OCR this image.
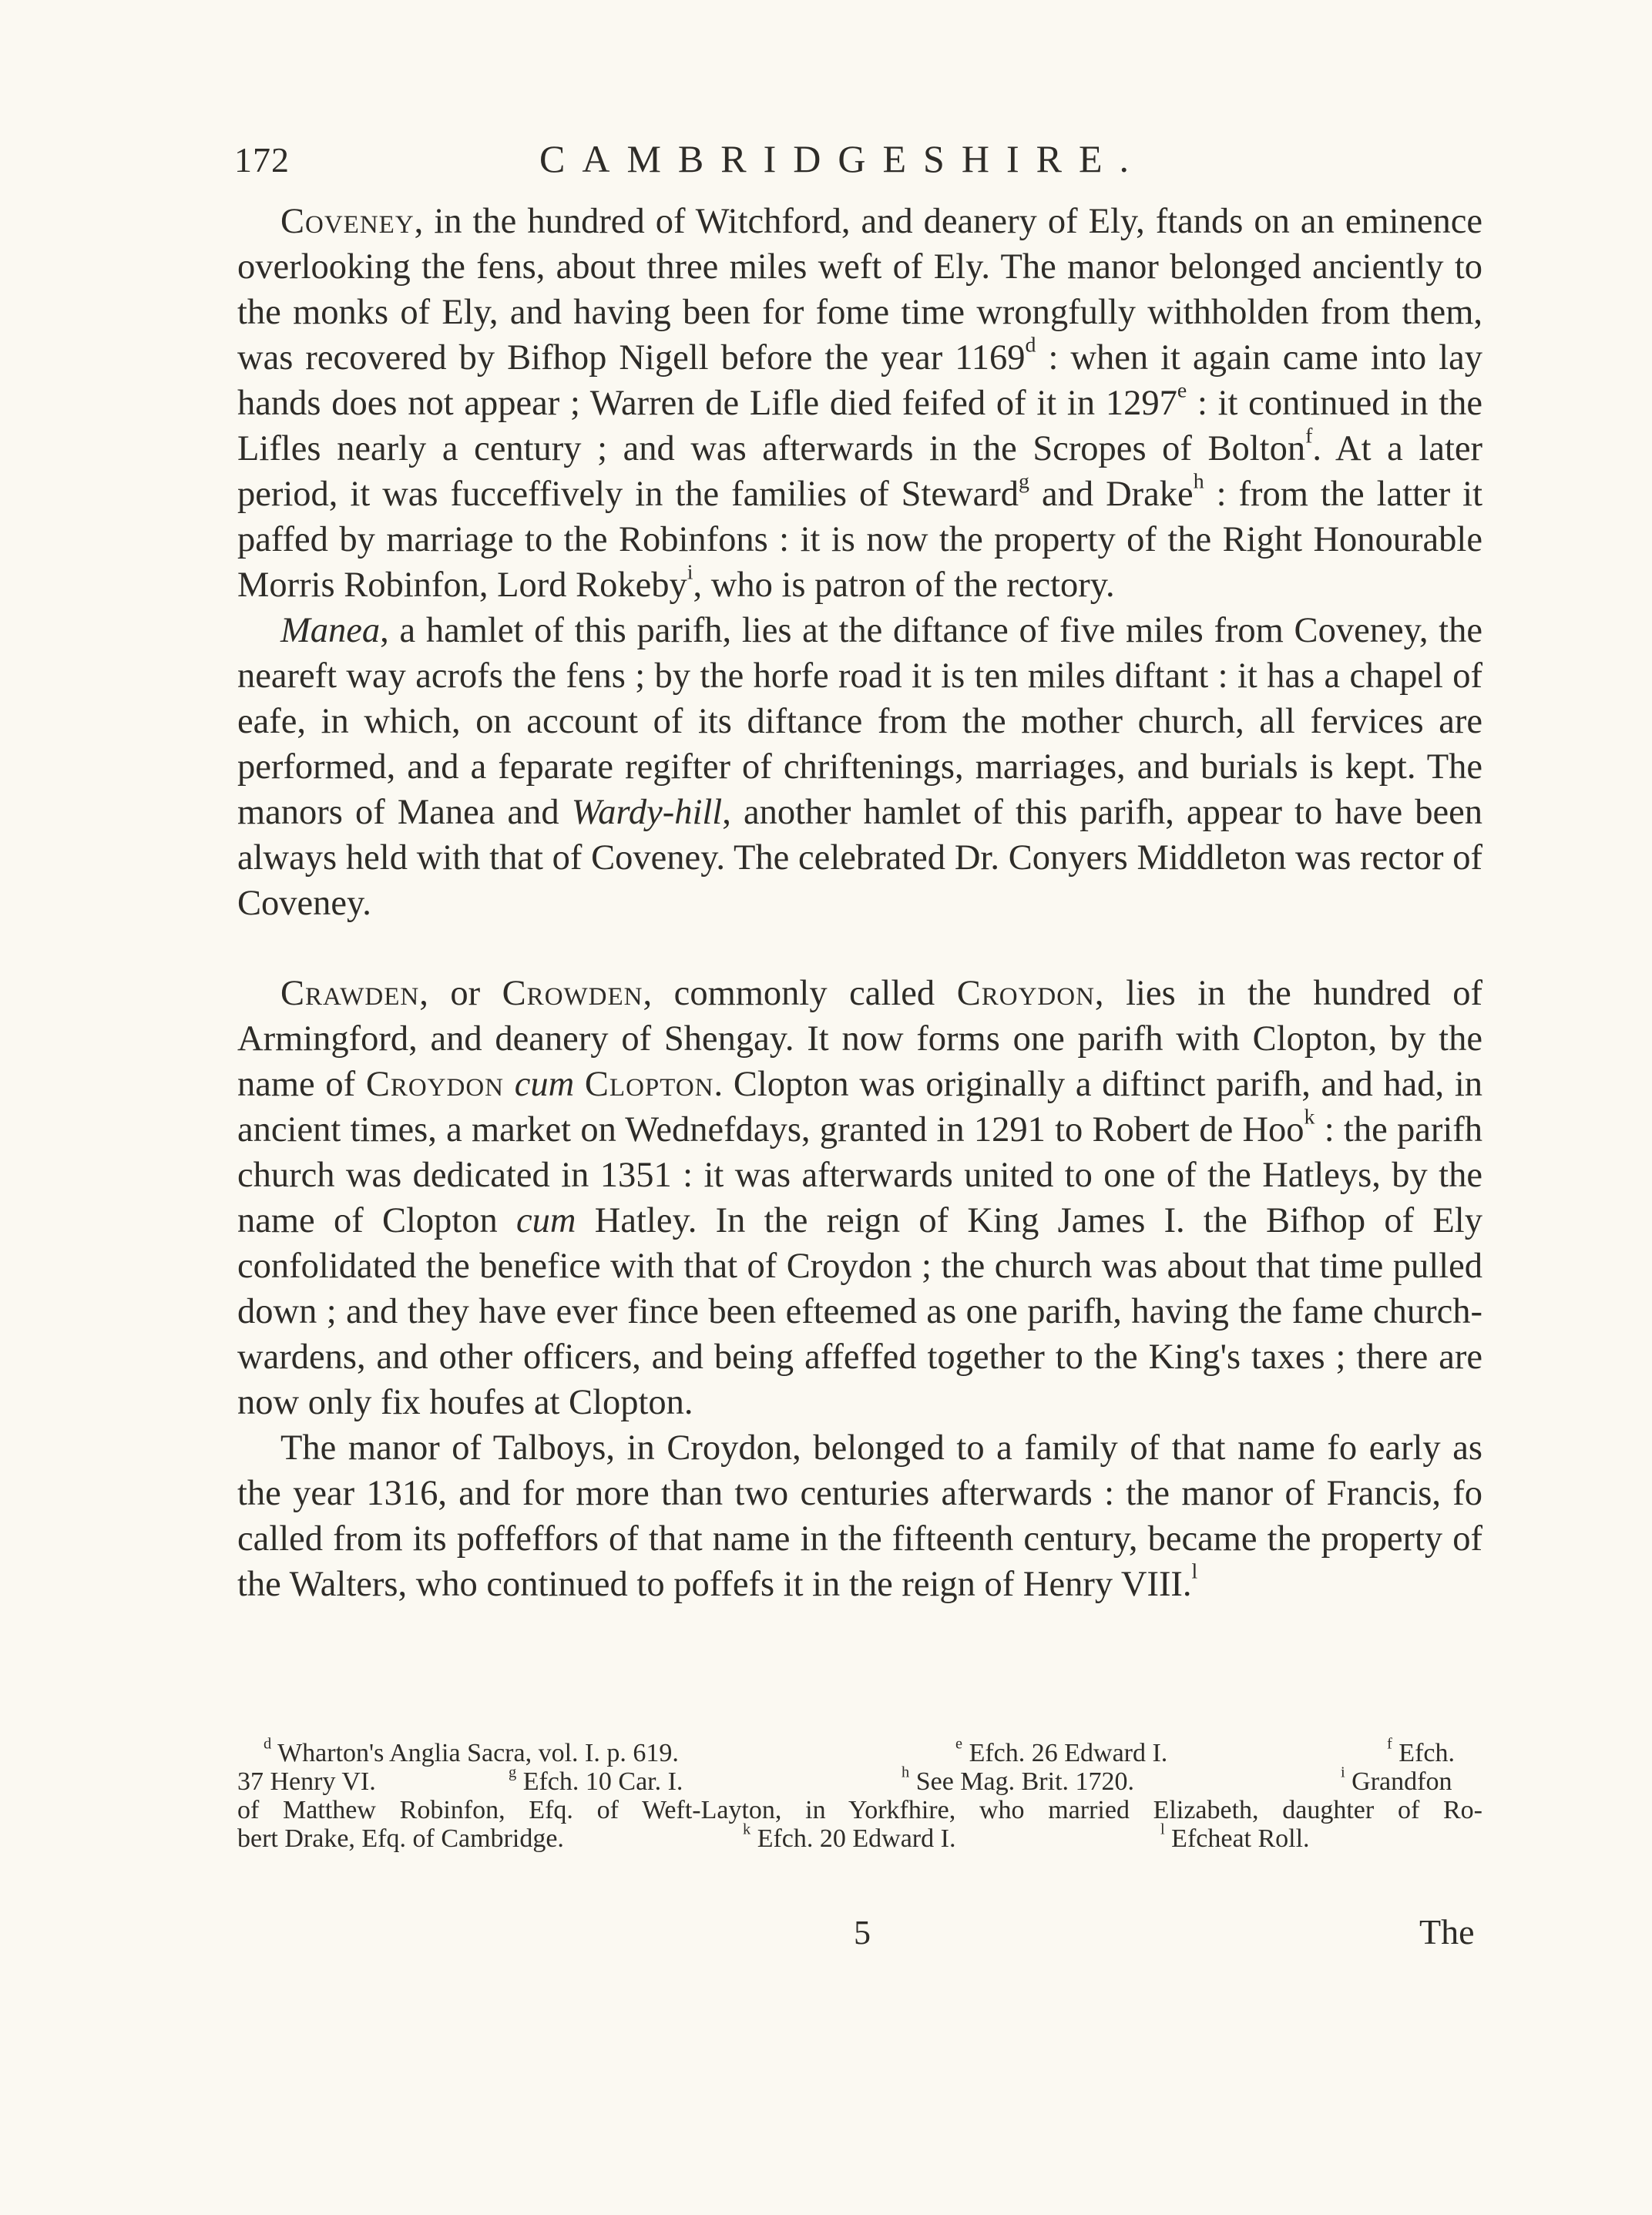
172	CAMBRIDGESHIRE.

Coveney, in the hundred of Witchford, and deanery of Ely, ftands on an eminence overlooking the fens, about three miles weft of Ely. The manor belonged anciently to the monks of Ely, and having been for fome time wrongfully withholden from them, was recovered by Bifhop Nigell before the year 1169$^d$ : when it again came into lay hands does not appear ; Warren de Lifle died feifed of it in 1297e : it continued in the Lifles nearly a century ; and was afterwards in the Scropes of Bolton$^f$. At a later period, it was fucceffively in the families of Steward$^g$ and Drake$^h$ : from the latter it paffed by marriage to the Robinfons : it is now the property of the Right Honourable Morris Robinfon, Lord Rokeby$^i$, who is patron of the rectory.

Manea, a hamlet of this parifh, lies at the diftance of five miles from Coveney, the neareft way acrofs the fens ; by the horfe road it is ten miles diftant : it has a chapel of eafe, in which, on account of its diftance from the mother church, all fervices are performed, and a feparate regifter of chriftenings, marriages, and burials is kept. The manors of Manea and Wardy-hill, another hamlet of this parifh, appear to have been always held with that of Coveney. The celebrated Dr. Conyers Middleton was rector of Coveney.

Crawden, or Crowden, commonly called Croydon, lies in the hundred of Armingford, and deanery of Shengay. It now forms one parifh with Clopton, by the name of Croydon cum Clopton. Clopton was originally a diftinct parifh, and had, in ancient times, a market on Wednefdays, granted in 1291 to Robert de Hoo$^k$ : the parifh church was dedicated in 1351 : it was afterwards united to one of the Hatleys, by the name of Clopton cum Hatley. In the reign of King James I. the Bifhop of Ely confolidated the benefice with that of Croydon ; the church was about that time pulled down ; and they have ever fince been efteemed as one parifh, having the fame church-wardens, and other officers, and being affeffed together to the King's taxes ; there are now only fix houfes at Clopton.

The manor of Talboys, in Croydon, belonged to a family of that name fo early as the year 1316, and for more than two centuries afterwards : the manor of Francis, fo called from its poffeffors of that name in the fifteenth century, became the property of the Walters, who continued to poffefs it in the reign of Henry VIII.$^l$

$^d$ Wharton's Anglia Sacra, vol. I. p. 619.	$^e$ Efch. 26 Edward I.	$^f$ Efch.
37 Henry VI.	$^g$ Efch. 10 Car. I.	$^h$ See Mag. Brit. 1720.	$^i$ Grandfon

of Matthew Robinfon, Efq. of Weft-Layton, in Yorkfhire, who married Elizabeth, daughter of Ro-

bert Drake, Efq. of Cambridge.	$^k$ Efch. 20 Edward I.	$^l$ Efcheat Roll.
5	The
